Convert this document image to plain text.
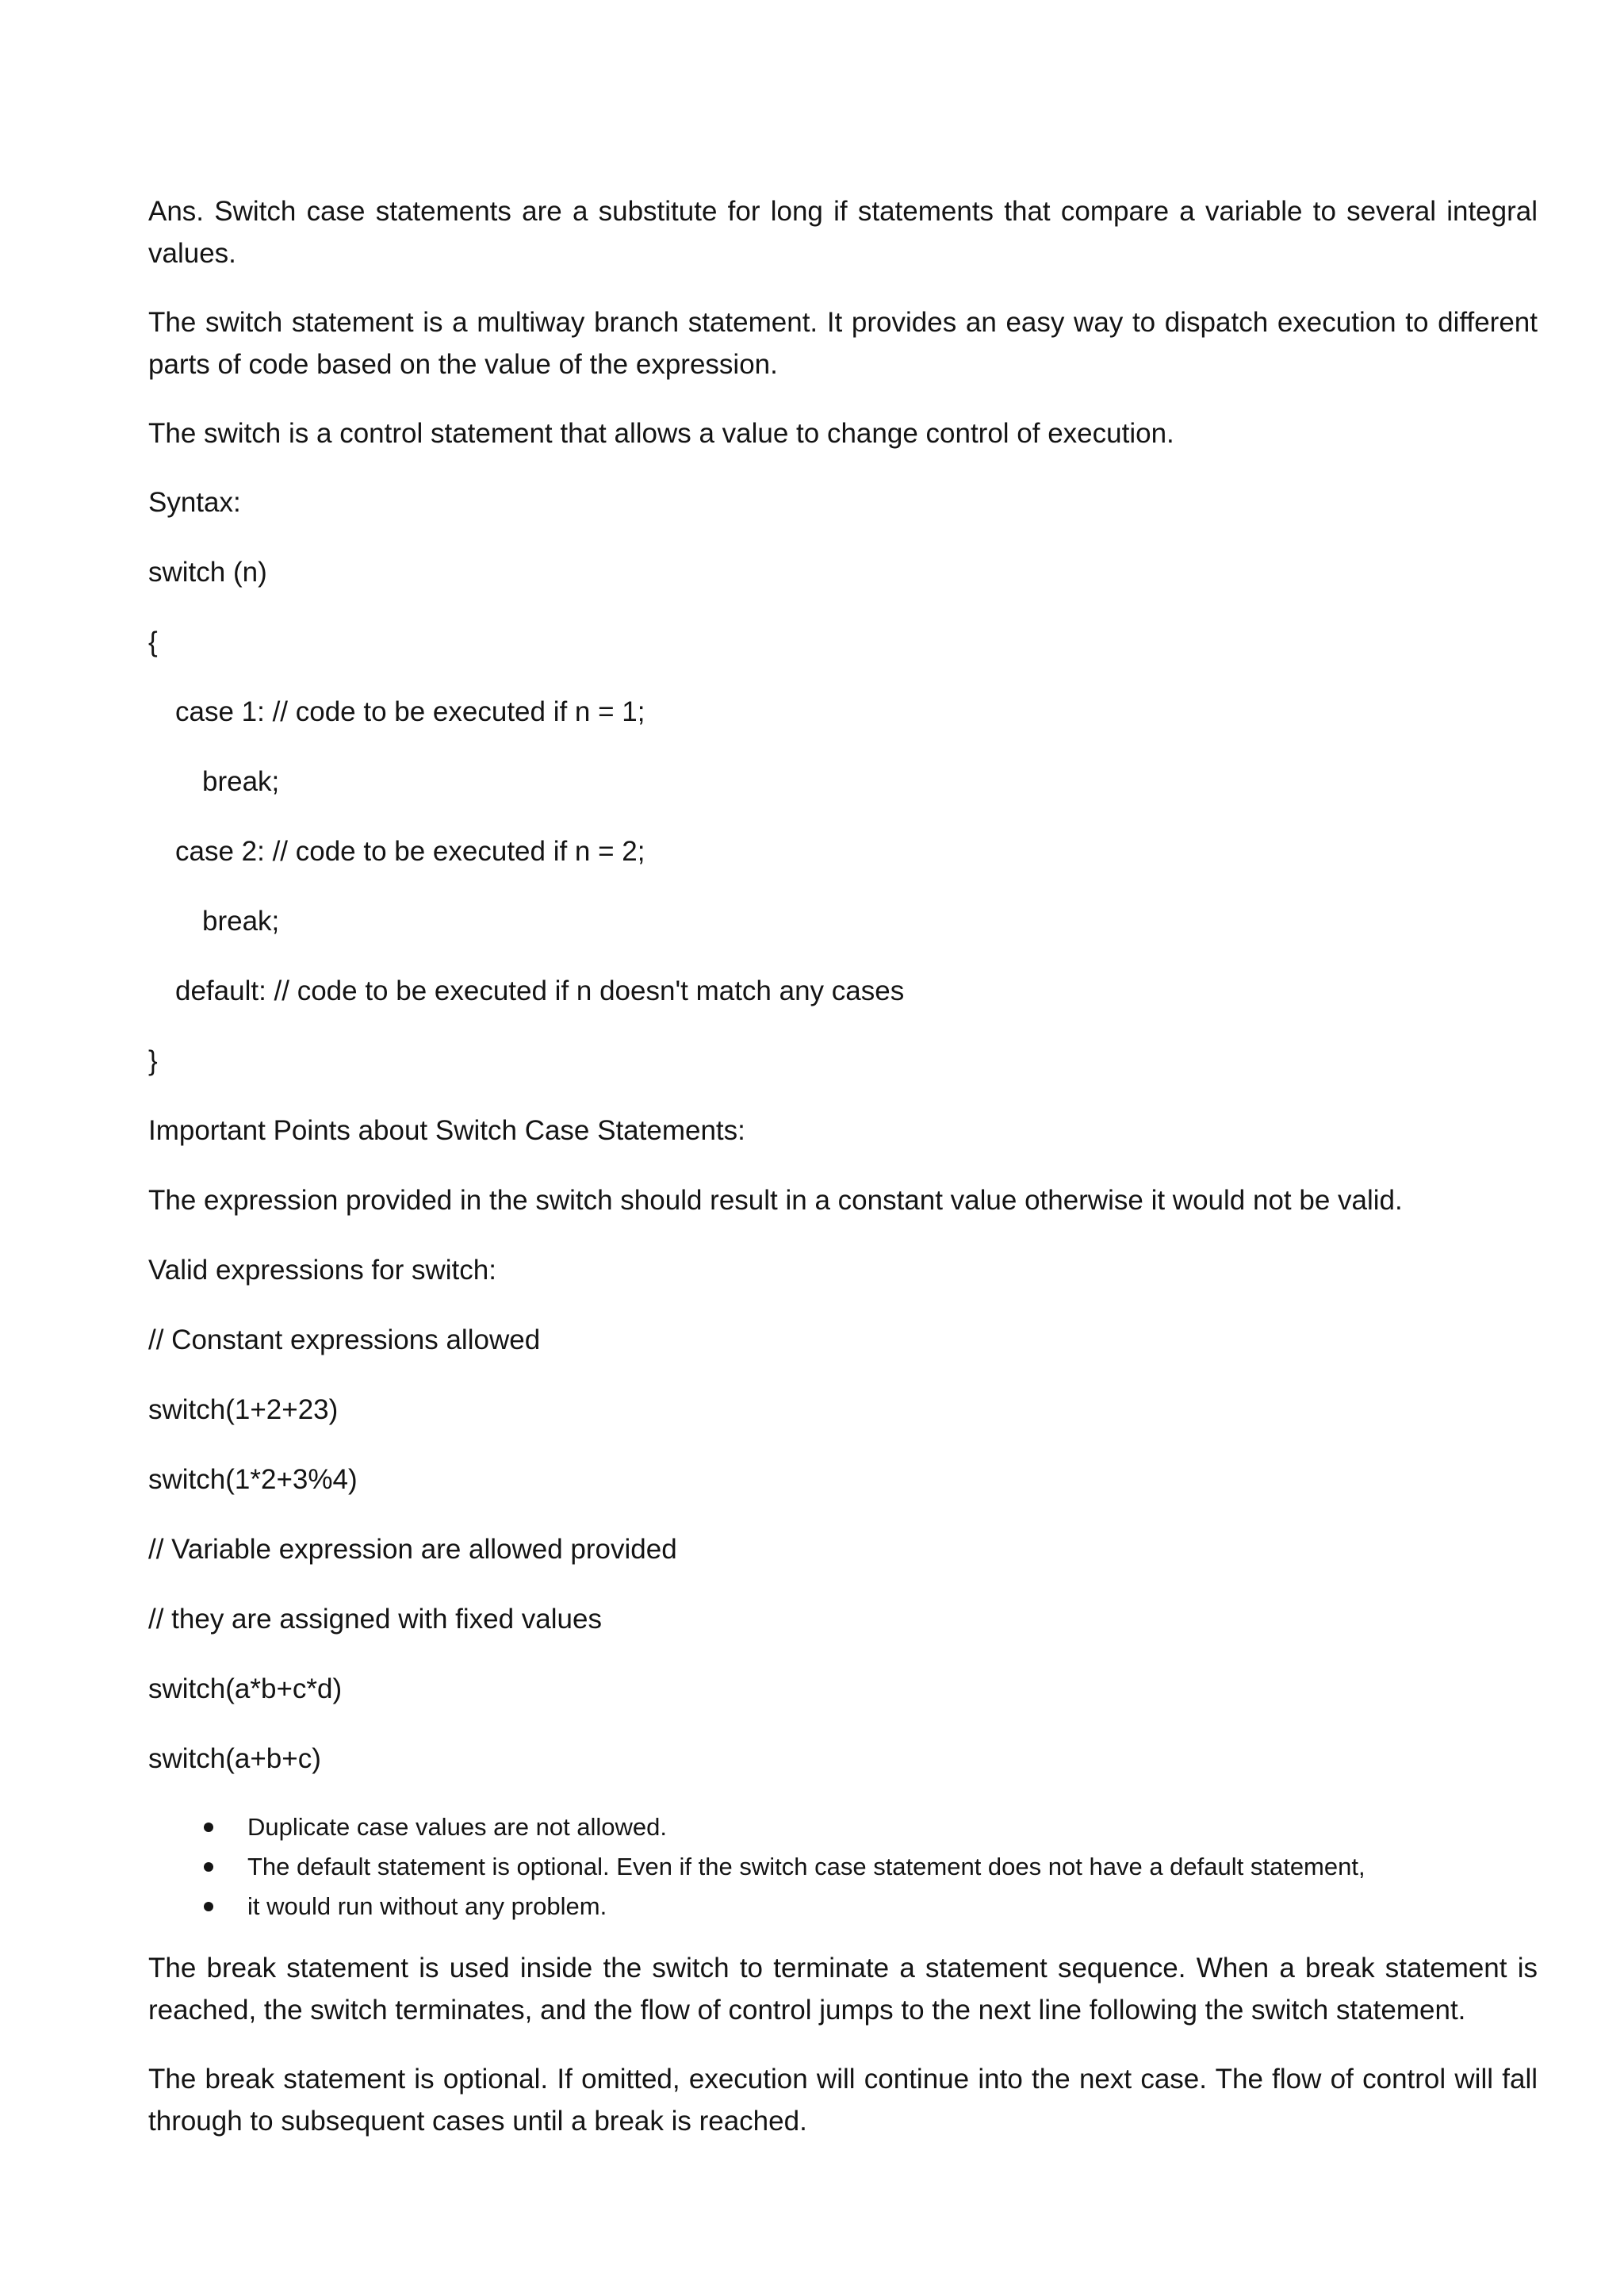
Ans. Switch case statements are a substitute for long if statements that compare a variable to several integral values.

The switch statement is a multiway branch statement. It provides an easy way to dispatch execution to different parts of code based on the value of the expression.

The switch is a control statement that allows a value to change control of execution.

Syntax:
switch (n)
{
case 1: // code to be executed if n = 1;
break;
case 2: // code to be executed if n = 2;
break;
default: // code to be executed if n doesn't match any cases
}
Important Points about Switch Case Statements:
The expression provided in the switch should result in a constant value otherwise it would not be valid.
Valid expressions for switch:
// Constant expressions allowed
switch(1+2+23)
switch(1*2+3%4)
// Variable expression are allowed provided
// they are assigned with fixed values
switch(a*b+c*d)
switch(a+b+c)
Duplicate case values are not allowed.
The default statement is optional. Even if the switch case statement does not have a default statement,
it would run without any problem.

The break statement is used inside the switch to terminate a statement sequence. When a break statement is reached, the switch terminates, and the flow of control jumps to the next line following the switch statement.

The break statement is optional. If omitted, execution will continue into the next case. The flow of control will fall through to subsequent cases until a break is reached.
